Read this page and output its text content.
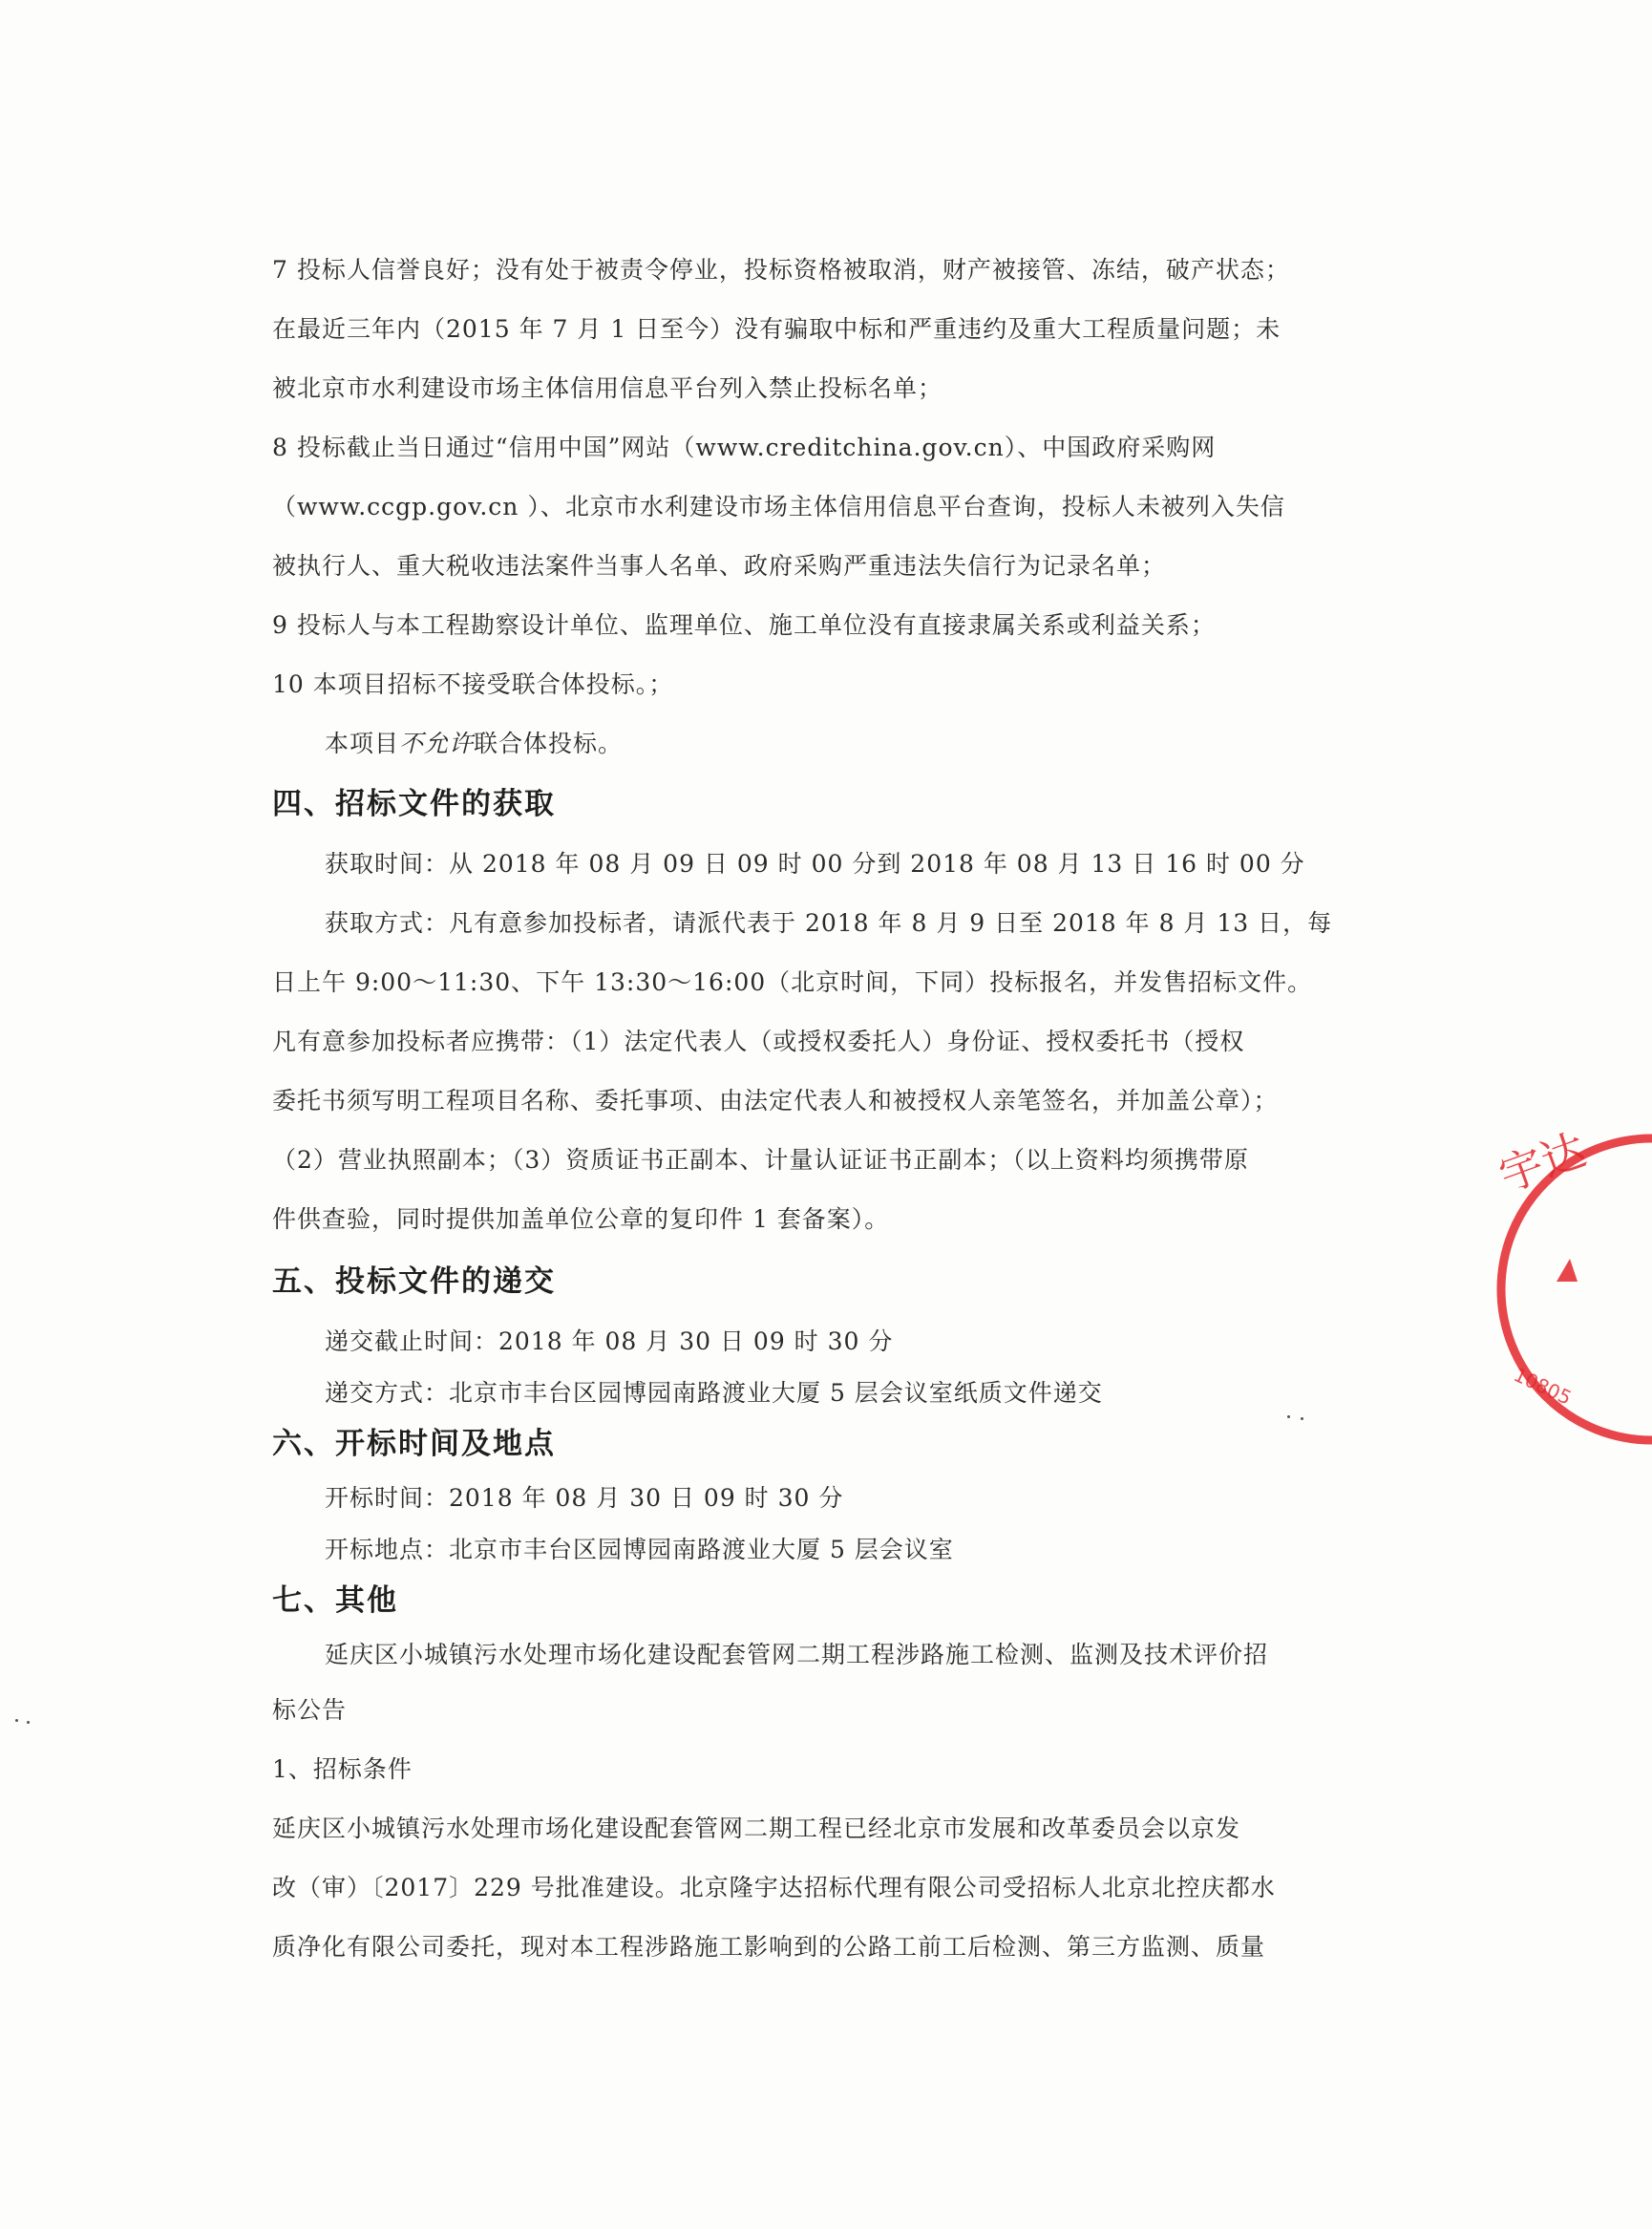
7 投标人信誉良好；没有处于被责令停业，投标资格被取消，财产被接管、冻结，破产状态；
在最近三年内（2015 年 7 月 1 日至今）没有骗取中标和严重违约及重大工程质量问题；未
被北京市水利建设市场主体信用信息平台列入禁止投标名单；
8 投标截止当日通过“信用中国”网站（www.creditchina.gov.cn）、中国政府采购网
（www.ccgp.gov.cn ）、北京市水利建设市场主体信用信息平台查询，投标人未被列入失信
被执行人、重大税收违法案件当事人名单、政府采购严重违法失信行为记录名单；
9 投标人与本工程勘察设计单位、监理单位、施工单位没有直接隶属关系或利益关系；
10 本项目招标不接受联合体投标。；
本项目不允许联合体投标。
四、招标文件的获取
获取时间：从 2018 年 08 月 09 日 09 时 00 分到 2018 年 08 月 13 日 16 时 00 分
获取方式：凡有意参加投标者，请派代表于 2018 年 8 月 9 日至 2018 年 8 月 13 日，每
日上午 9:00～11:30、下午 13:30～16:00（北京时间，下同）投标报名，并发售招标文件。
凡有意参加投标者应携带：（1）法定代表人（或授权委托人）身份证、授权委托书（授权
委托书须写明工程项目名称、委托事项、由法定代表人和被授权人亲笔签名，并加盖公章）；
（2）营业执照副本；（3）资质证书正副本、计量认证证书正副本；（以上资料均须携带原
件供查验，同时提供加盖单位公章的复印件 1 套备案）。
五、投标文件的递交
递交截止时间：2018 年 08 月 30 日 09 时 30 分
递交方式：北京市丰台区园博园南路渡业大厦 5 层会议室纸质文件递交
六、开标时间及地点
开标时间：2018 年 08 月 30 日 09 时 30 分
开标地点：北京市丰台区园博园南路渡业大厦 5 层会议室
七、其他
延庆区小城镇污水处理市场化建设配套管网二期工程涉路施工检测、监测及技术评价招
标公告
1、招标条件
延庆区小城镇污水处理市场化建设配套管网二期工程已经北京市发展和改革委员会以京发
改（审）〔2017〕229 号批准建设。北京隆宇达招标代理有限公司受招标人北京北控庆都水
质净化有限公司委托，现对本工程涉路施工影响到的公路工前工后检测、第三方监测、质量
宇达
10805
